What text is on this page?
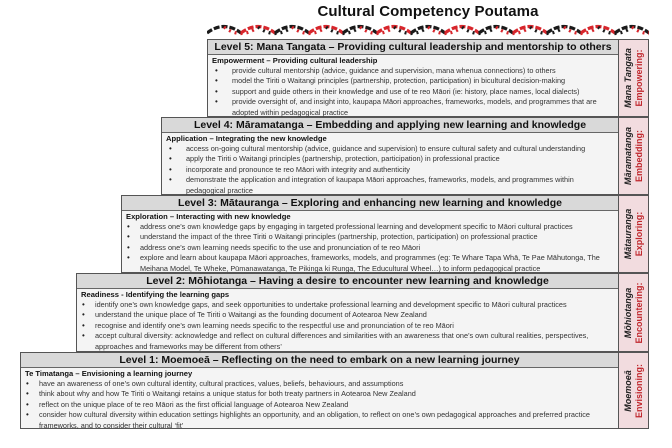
Cultural Competency Poutama
Level 5: Mana Tangata – Providing cultural leadership and mentorship to others
Empowerment – Providing cultural leadership
• provide cultural mentorship (advice, guidance and supervision, mana whenua connections) to others
• model the Tiriti o Waitangi principles (partnership, protection, participation) in bicultural decision-making
• support and guide others in their knowledge and use of te reo Māori (ie: history, place names, local dialects)
• provide oversight of, and insight into, kaupapa Māori approaches, frameworks, models, and programmes that are adopted within pedagogical practice
Mana Tangata Empowering:
Level 4: Māramatanga – Embedding and applying new learning and knowledge
Application – Integrating the new knowledge
• access on-going cultural mentorship (advice, guidance and supervision) to ensure cultural safety and cultural understanding
• apply the Tiriti o Waitangi principles (partnership, protection, participation) in professional practice
• incorporate and pronounce te reo Māori with integrity and authenticity
• demonstrate the application and integration of kaupapa Māori approaches, frameworks, models, and programmes within pedagogical practice
Māramatanga Embedding:
Level 3: Mātauranga – Exploring and enhancing new learning and knowledge
Exploration – Interacting with new knowledge
• address one’s own knowledge gaps by engaging in targeted professional learning and development specific to Māori cultural practices
• understand the impact of the three Tiriti o Waitangi principles (partnership, protection, participation) on professional practice
• address one’s own learning needs specific to the use and pronunciation of te reo Māori
• explore and learn about kaupapa Māori approaches, frameworks, models, and programmes (eg: Te Whare Tapa Whā, Te Pae Māhutonga, The Meihana Model, Te Wheke, Pūmanawatanga, Te Pikinga ki Runga, The Educultural Wheel…) to inform pedagogical practice
Mātauranga Exploring:
Level 2: Mōhiotanga – Having a desire to encounter new learning and knowledge
Readiness - Identifying the learning gaps
• identify one’s own knowledge gaps, and seek opportunities to undertake professional learning and development specific to Māori cultural practices
• understand the unique place of Te Tiriti o Waitangi as the founding document of Aotearoa New Zealand
• recognise and identify one’s own learning needs specific to the respectful use and pronunciation of te reo Māori
• accept cultural diversity: acknowledge and reflect on cultural differences and similarities with an awareness that one’s own cultural realities, perspectives, approaches and frameworks may be different from others’
Mōhiotanga Encountering:
Level 1: Moemoeā – Reflecting on the need to embark on a new learning journey
Te Timatanga – Envisioning a learning journey
• have an awareness of one’s own cultural identity, cultural practices, values, beliefs, behaviours, and assumptions
• think about why and how Te Tiriti o Waitangi retains a unique status for both treaty partners in Aotearoa New Zealand
• reflect on the unique place of te reo Māori as the first official language of Aotearoa New Zealand
• consider how cultural diversity within education settings highlights an opportunity, and an obligation, to reflect on one’s own pedagogical approaches and preferred practice frameworks, and to consider their cultural ‘fit’
Moemoeā Envisioning:
